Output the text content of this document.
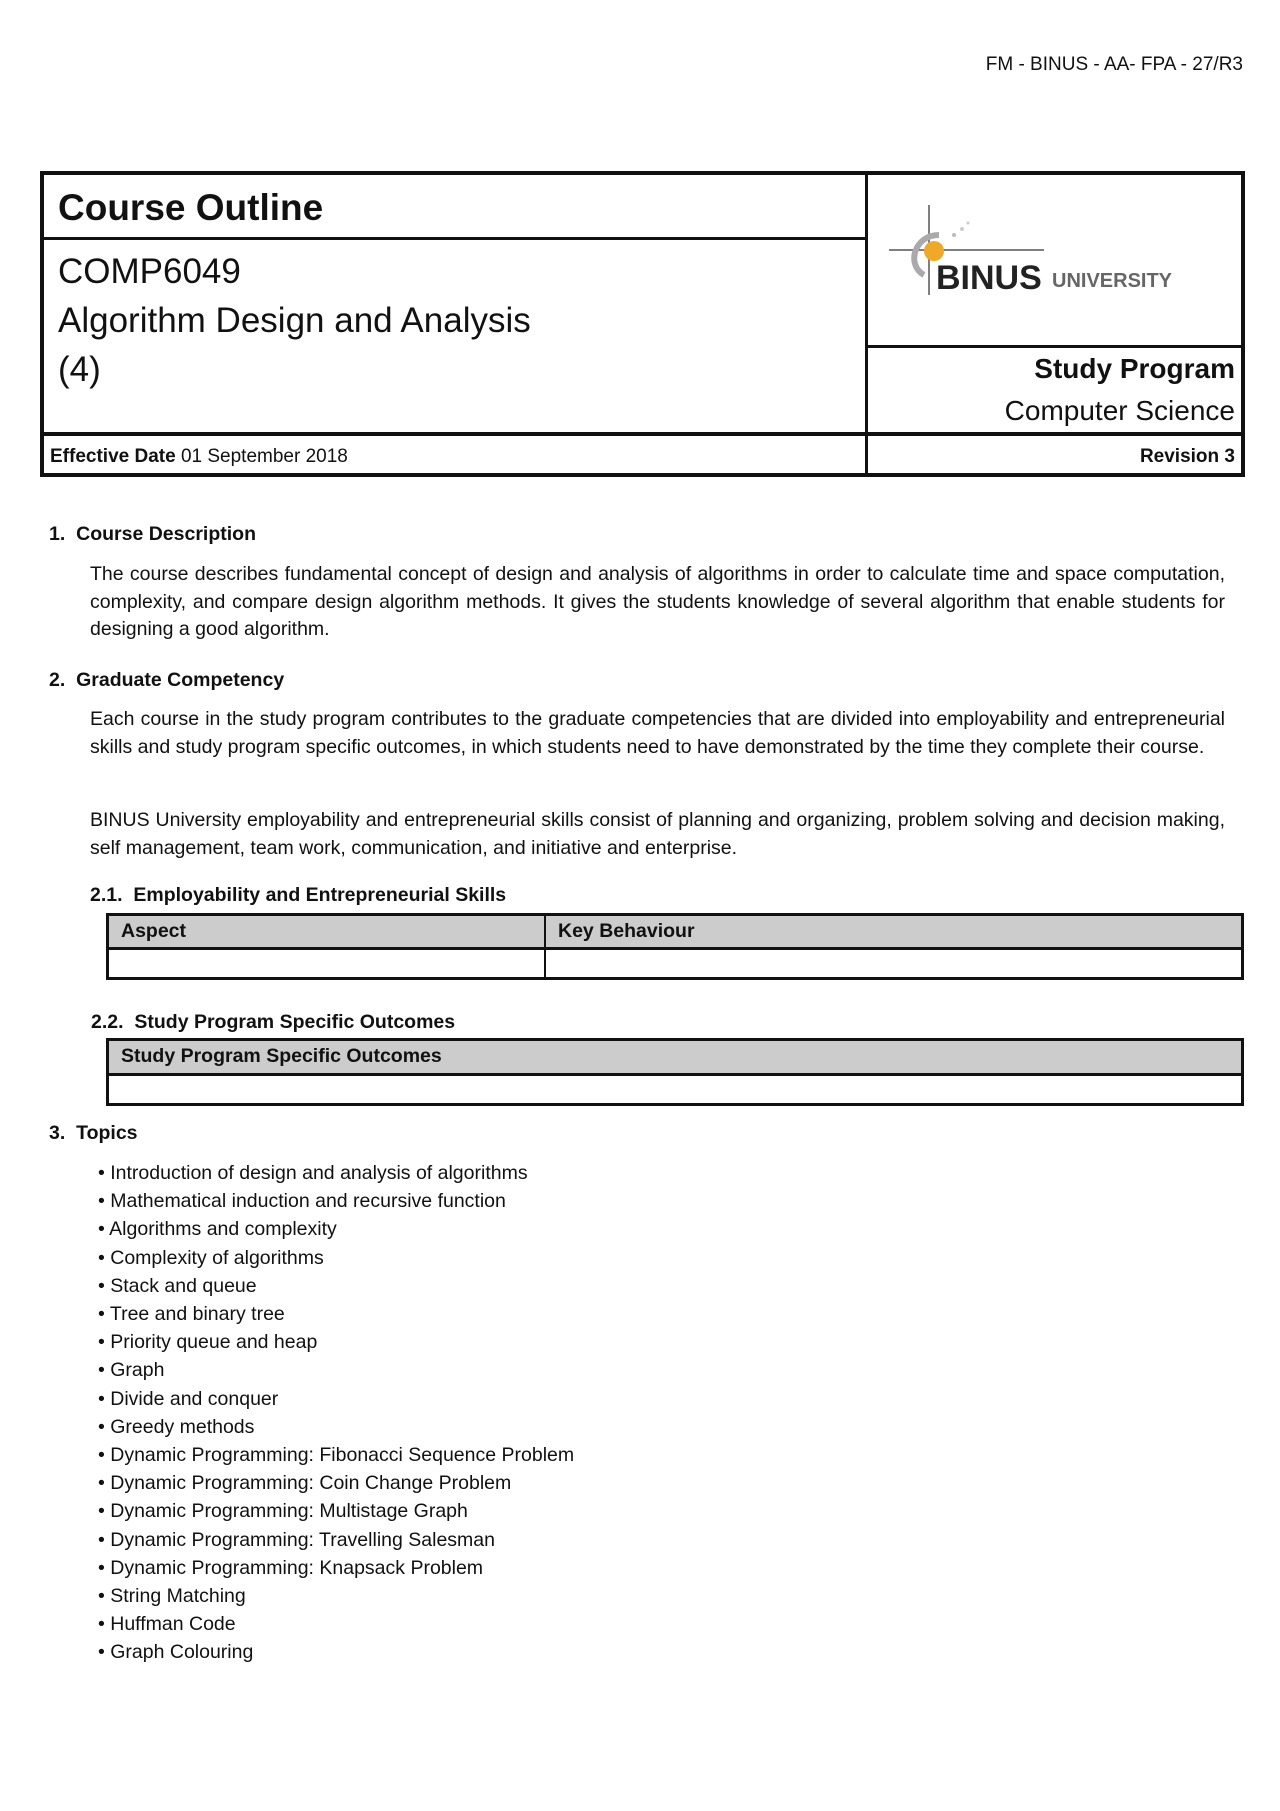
FM - BINUS - AA- FPA - 27/R3
Course Outline
COMP6049
Algorithm Design and Analysis
(4)
BINUS UNIVERSITY
Study Program
Computer Science
Effective Date 01 September 2018	Revision 3
1. Course Description
The course describes fundamental concept of design and analysis of algorithms in order to calculate time and space computation, complexity, and compare design algorithm methods. It gives the students knowledge of several algorithm that enable students for designing a good algorithm.
2. Graduate Competency
Each course in the study program contributes to the graduate competencies that are divided into employability and entrepreneurial skills and study program specific outcomes, in which students need to have demonstrated by the time they complete their course.
BINUS University employability and entrepreneurial skills consist of planning and organizing, problem solving and decision making, self management, team work, communication, and initiative and enterprise.
2.1. Employability and Entrepreneurial Skills
Aspect	Key Behaviour
2.2. Study Program Specific Outcomes
Study Program Specific Outcomes
3. Topics
• Introduction of design and analysis of algorithms
• Mathematical induction and recursive function
• Algorithms and complexity
• Complexity of algorithms
• Stack and queue
• Tree and binary tree
• Priority queue and heap
• Graph
• Divide and conquer
• Greedy methods
• Dynamic Programming: Fibonacci Sequence Problem
• Dynamic Programming: Coin Change Problem
• Dynamic Programming: Multistage Graph
• Dynamic Programming: Travelling Salesman
• Dynamic Programming: Knapsack Problem
• String Matching
• Huffman Code
• Graph Colouring
